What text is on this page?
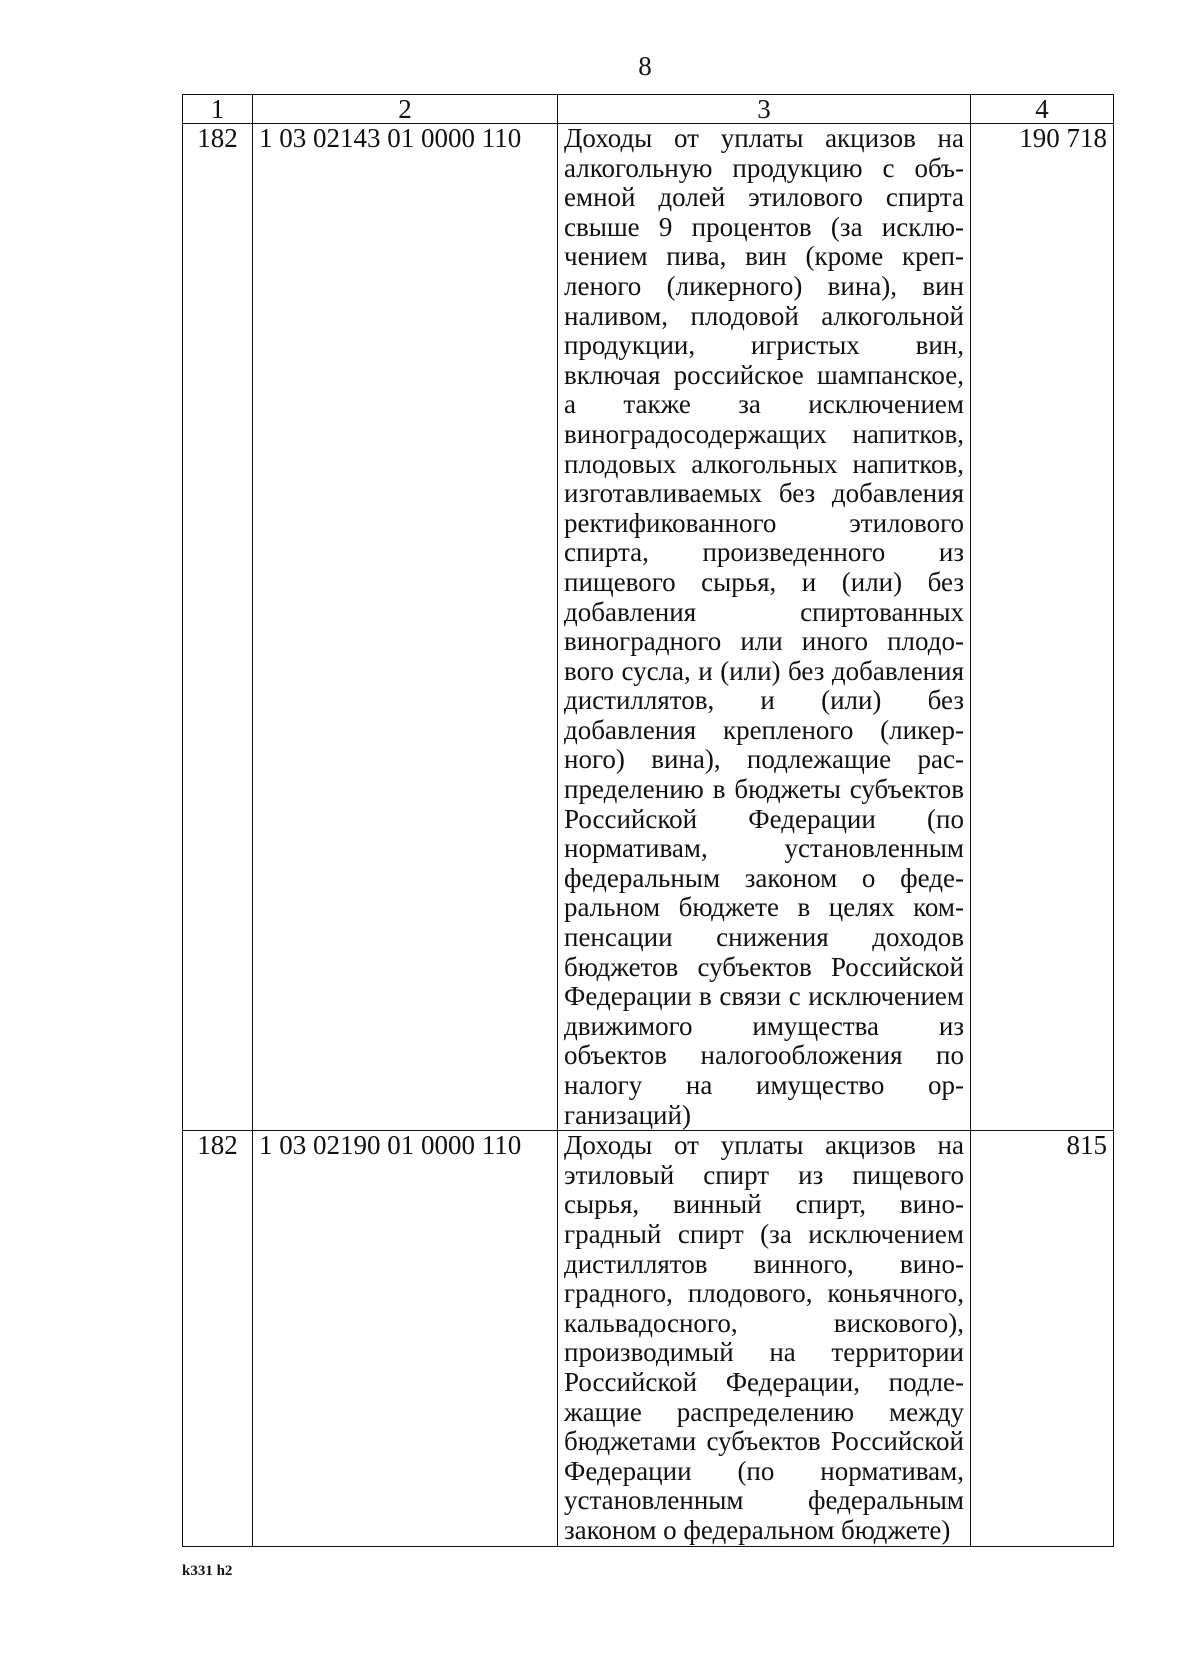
8
1	2	3	4
182	1 03 02143 01 0000 110	Доходы от уплаты акцизов на алкогольную продукцию с объемной долей этилового спирта свыше 9 процентов (за исключением пива, вин (кроме крепленого (ликерного) вина), вин наливом, плодовой алкогольной продукции, игристых вин, включая российское шампанское, а также за исключением виноградосодержащих напитков, плодовых алкогольных напитков, изготавливаемых без добавления ректификованного этилового спирта, произведенного из пищевого сырья, и (или) без добавления спиртованных виноградного или иного плодового сусла, и (или) без добавления дистиллятов, и (или) без добавления крепленого (ликерного) вина), подлежащие распределению в бюджеты субъектов Российской Федерации (по нормативам, установленным федеральным законом о федеральном бюджете в целях компенсации снижения доходов бюджетов субъектов Российской Федерации в связи с исключением движимого имущества из объектов налогообложения по налогу на имущество организаций)	190 718
182	1 03 02190 01 0000 110	Доходы от уплаты акцизов на этиловый спирт из пищевого сырья, винный спирт, виноградный спирт (за исключением дистиллятов винного, виноградного, плодового, коньячного, кальвадосного, вискового), производимый на территории Российской Федерации, подлежащие распределению между бюджетами субъектов Российской Федерации (по нормативам, установленным федеральным законом о федеральном бюджете)	815
k331 h2
